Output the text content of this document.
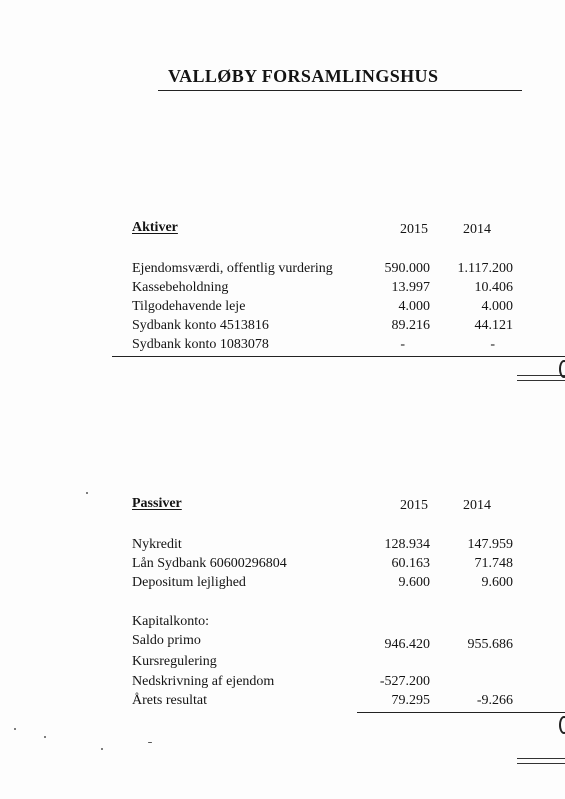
VALLØBY FORSAMLINGSHUS
Aktiver	2015	2014
Ejendomsværdi, offentlig vurdering	590.000 1.117.200
Kassebeholdning	13.997	10.406
Tilgodehavende leje	4.000	4.000
Sydbank konto 4513816	89.216	44.121
Sydbank konto 1083078	-	-
Passiver	2015	2014
Nykredit	128.934	147.959
Lån Sydbank 60600296804	60.163	71.748
Depositum lejlighed	9.600	9.600
Kapitalkonto:
Saldo primo	946.420	955.686
Kursregulering
Nedskrivning af ejendom	-527.200
Årets resultat	79.295	-9.266
